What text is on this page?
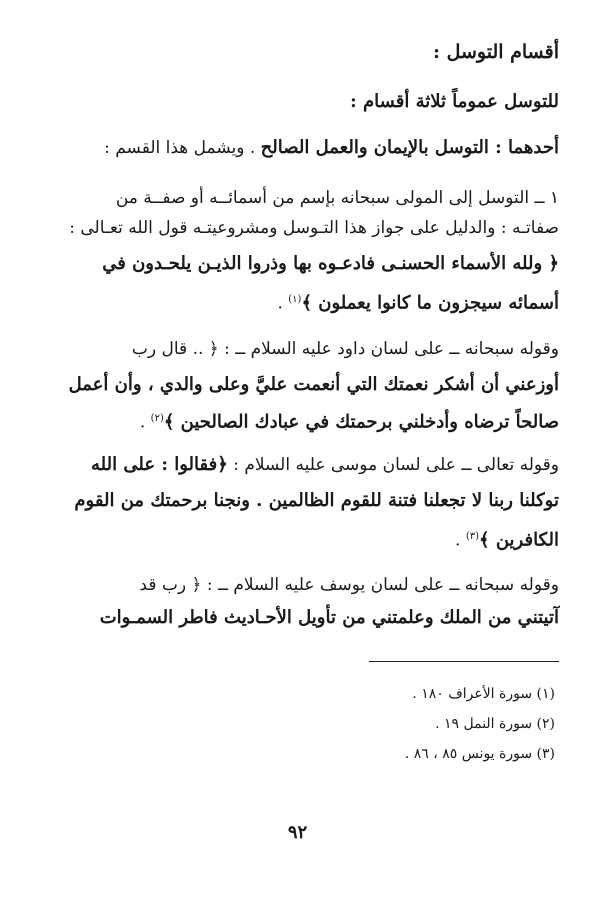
أقسام التوسل :
للتوسل عموماً ثلاثة أقسام :
أحدهما : التوسل بالإيمان والعمل الصالح . ويشمل هذا القسم :
١ ــ التوسل إلى المولى سبحانه بإسم من أسمائــه أو صفــة من
صفاتـه : والدليل على جواز هذا التـوسل ومشروعيتـه قول الله تعـالى :
﴿ ولله الأسماء الحسنـى فادعـوه بها وذروا الذيـن يلحـدون في
أسمائه سيجزون ما كانوا يعملون ﴾$^{(١)}$ .
وقوله سبحانه ــ على لسان داود عليه السلام ــ : ﴿ .. قال رب
أوزعني أن أشكر نعمتك التي أنعمت عليَّ وعلى والدي ، وأن أعمل
صالحاً ترضاه وأدخلني برحمتك في عبادك الصالحين ﴾$^{(٢)}$ .
وقوله تعالى ــ على لسان موسى عليه السلام : ﴿فقالوا : على الله
توكلنا ربنا لا تجعلنا فتنة للقوم الظالمين . ونجنا برحمتك من القوم
الكافرين ﴾$^{(٣)}$ .
وقوله سبحانه ــ على لسان يوسف عليه السلام ــ : ﴿ رب قد
آتيتني من الملك وعلمتني من تأويل الأحـاديث فاطر السمـوات
(١) سورة الأعراف ١٨٠ .
(٢) سورة النمل ١٩ .
(٣) سورة يونس ٨٥ ، ٨٦ .
٩٢
